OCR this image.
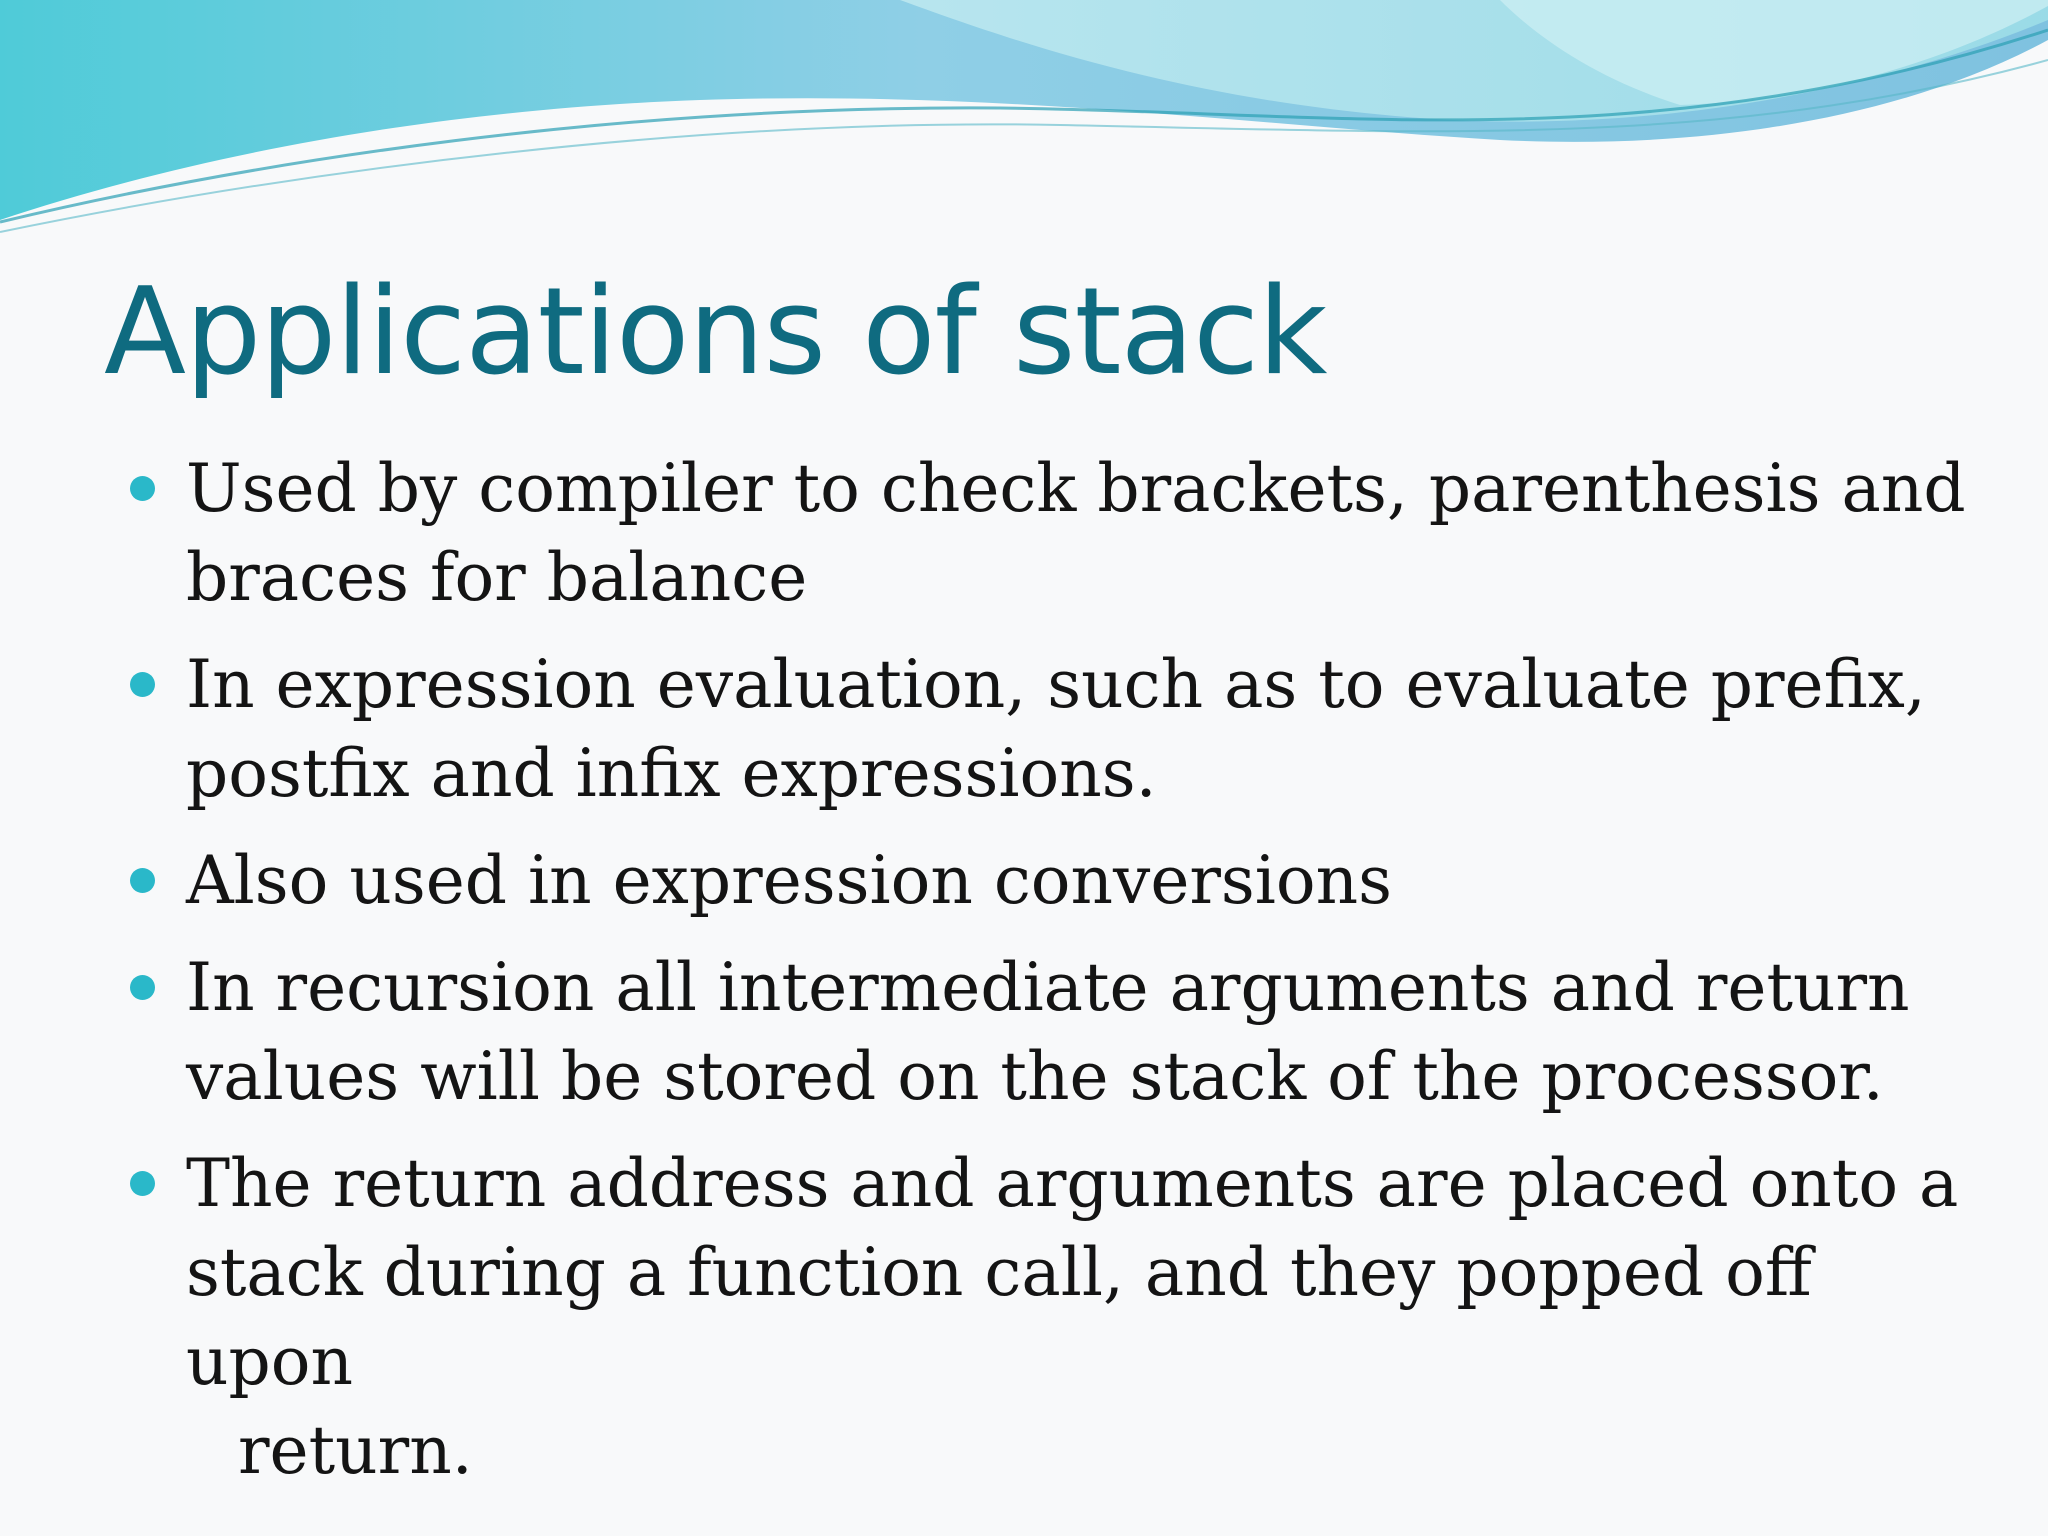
Applications of stack
Used by compiler to check brackets, parenthesis and braces for balance
In expression evaluation, such as to evaluate prefix, postfix and infix expressions.
Also used in expression conversions
In recursion all intermediate arguments and return values will be stored on the stack of the processor.
The return address and arguments are placed onto a stack during a function call, and they popped off upon
return.
